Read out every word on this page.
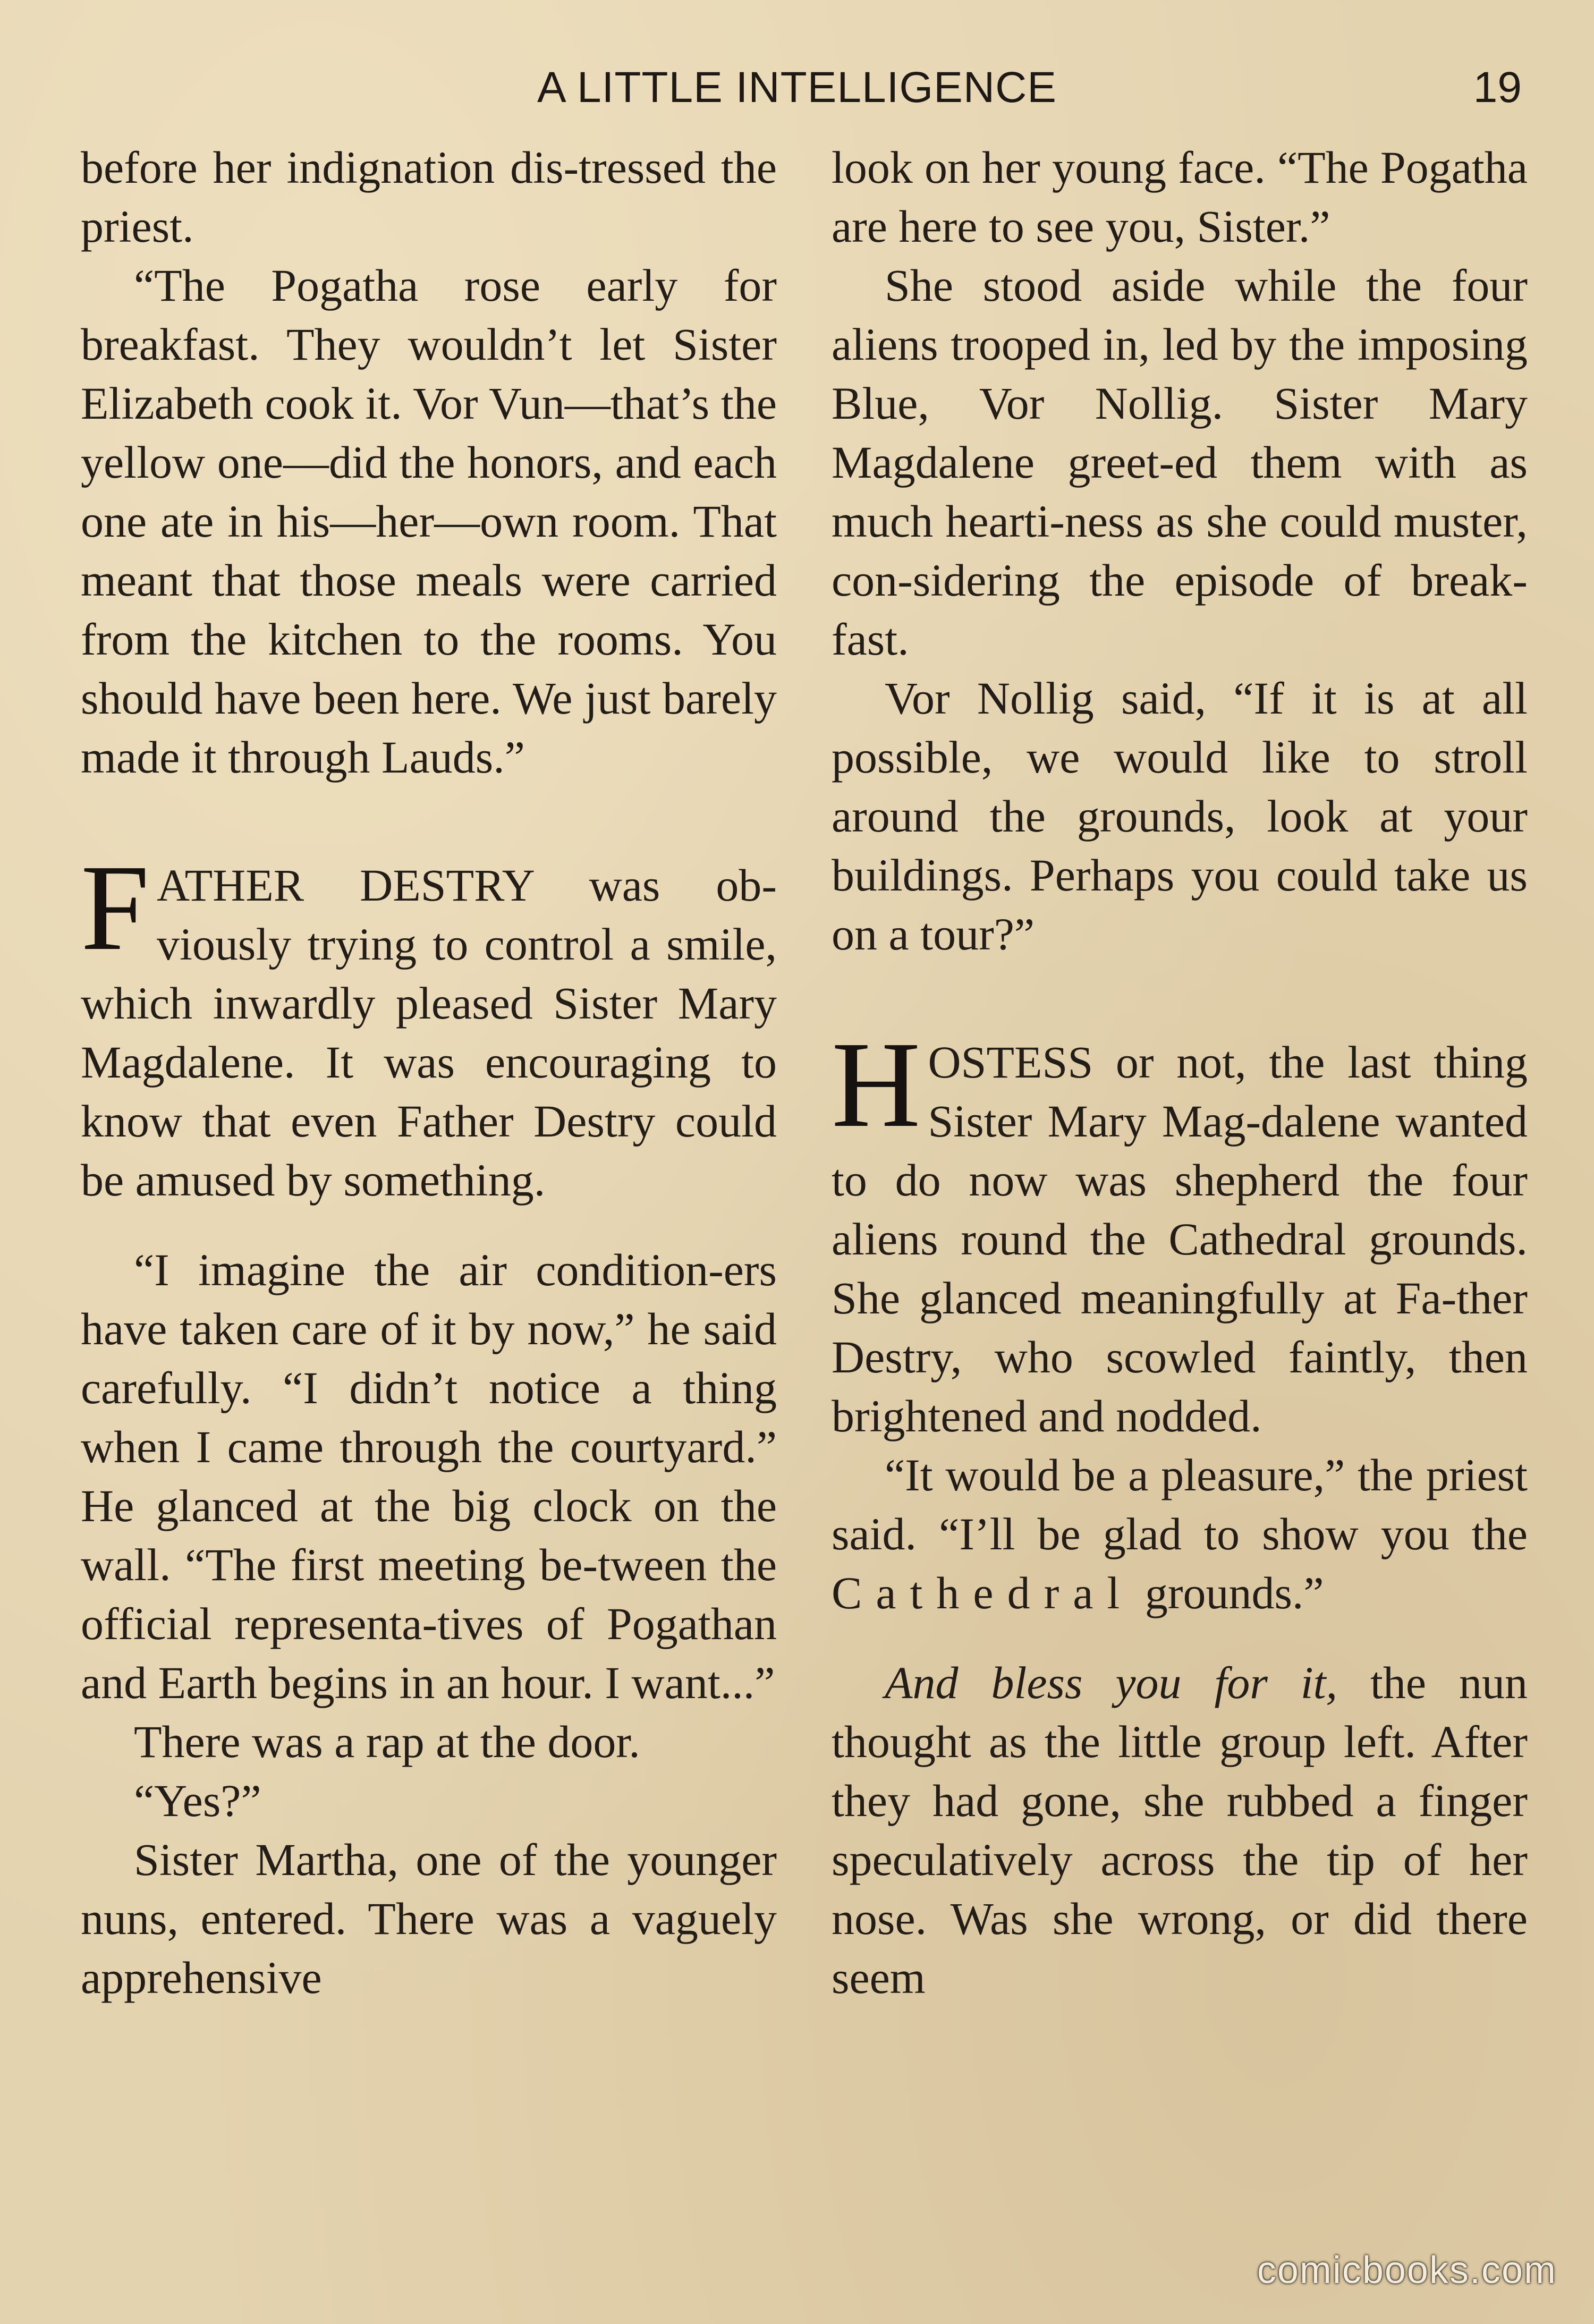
A LITTLE INTELLIGENCE	19

before her indignation dis-tressed the priest.

“The Pogatha rose early for breakfast. They wouldn’t let Sister Elizabeth cook it. Vor Vun—that’s the yellow one—did the honors, and each one ate in his—her—own room. That meant that those meals were carried from the kitchen to the rooms. You should have been here. We just barely made it through Lauds.”

FATHER DESTRY was ob-viously trying to control a smile, which inwardly pleased Sister Mary Magdalene. It was encouraging to know that even Father Destry could be amused by something.

“I imagine the air condition-ers have taken care of it by now,” he said carefully. “I didn’t notice a thing when I came through the courtyard.” He glanced at the big clock on the wall. “The first meeting be-tween the official representa-tives of Pogathan and Earth begins in an hour. I want...”

There was a rap at the door.

“Yes?”

Sister Martha, one of the younger nuns, entered. There was a vaguely apprehensive

look on her young face. “The Pogatha are here to see you, Sister.”

She stood aside while the four aliens trooped in, led by the imposing Blue, Vor Nollig. Sister Mary Magdalene greet-ed them with as much hearti-ness as she could muster, con-sidering the episode of break-fast.

Vor Nollig said, “If it is at all possible, we would like to stroll around the grounds, look at your buildings. Perhaps you could take us on a tour?”

HOSTESS or not, the last thing Sister Mary Mag-dalene wanted to do now was shepherd the four aliens round the Cathedral grounds. She glanced meaningfully at Fa-ther Destry, who scowled faintly, then brightened and nodded.

“It would be a pleasure,” the priest said. “I’ll be glad to show you the Cathedral grounds.”

And bless you for it, the nun thought as the little group left. After they had gone, she rubbed a finger speculatively across the tip of her nose. Was she wrong, or did there seem

comicbooks.com
